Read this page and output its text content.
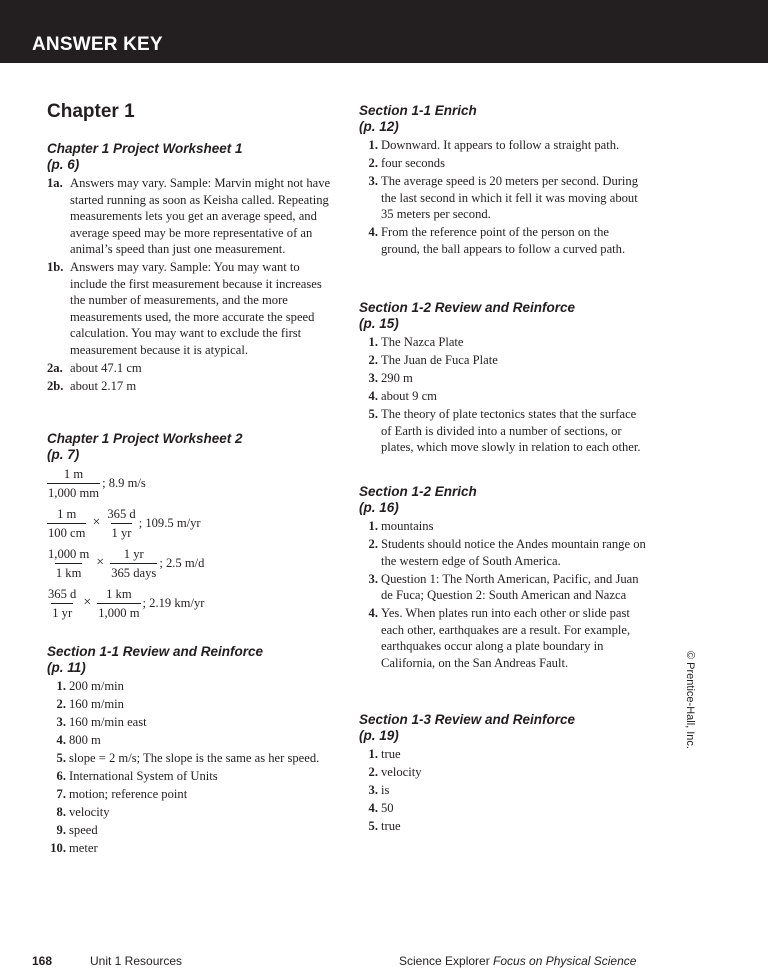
ANSWER KEY
Chapter 1

Chapter 1 Project Worksheet 1

(p. 6)

1a. Answers may vary. Sample: Marvin might not have started running as soon as Keisha called. Repeating measurements lets you get an average speed, and average speed may be more representative of an animal’s speed than just one measurement.
1b. Answers may vary. Sample: You may want to include the first measurement because it increases the number of measurements, and the more measurements used, the more accurate the speed calculation. You may want to exclude the first measurement because it is atypical.
2a. about 47.1 cm
2b. about 2.17 m

Chapter 1 Project Worksheet 2

(p. 7)

$\frac{1 m}{1,000 mm}$ ; 8.9 m/s
$\frac{1 m}{100 cm} \times \frac{365 d}{1 yr}$ ; 109.5 m/yr
$\frac{1,000 m}{1 km} \times \frac{1 yr}{\text{365 days}}$ ; 2.5 m/d
$\frac{365 d}{1 yr} \times \frac{1 km}{1,000 m}$ ; 2.19 km/yr

Section 1-1 Review and Reinforce

(p. 11)

1. 200 m/min
2. 160 m/min
3. 160 m/min east
4. 800 m
5. slope = 2 m/s; The slope is the same as her speed.
6. International System of Units
7. motion; reference point
8. velocity
9. speed
10. meter

Section 1-1 Enrich

(p. 12)

1. Downward. It appears to follow a straight path.
2. four seconds
3. The average speed is 20 meters per second. During the last second in which it fell it was moving about 35 meters per second.
4. From the reference point of the person on the ground, the ball appears to follow a curved path.

Section 1-2 Review and Reinforce

(p. 15)

1. The Nazca Plate
2. The Juan de Fuca Plate
3. 290 m
4. about 9 cm
5. The theory of plate tectonics states that the surface of Earth is divided into a number of sections, or plates, which move slowly in relation to each other.

Section 1-2 Enrich

(p. 16)

1. mountains
2. Students should notice the Andes mountain range on the western edge of South America.
3. Question 1: The North American, Pacific, and Juan de Fuca; Question 2: South American and Nazca
4. Yes. When plates run into each other or slide past each other, earthquakes are a result. For example, earthquakes occur along a plate boundary in California, on the San Andreas Fault.

Section 1-3 Review and Reinforce

(p. 19)

1. true
2. velocity
3. is
4. 50
5. true
© Prentice-Hall, Inc.
168	Unit 1 Resources	Science Explorer Focus on Physical Science
